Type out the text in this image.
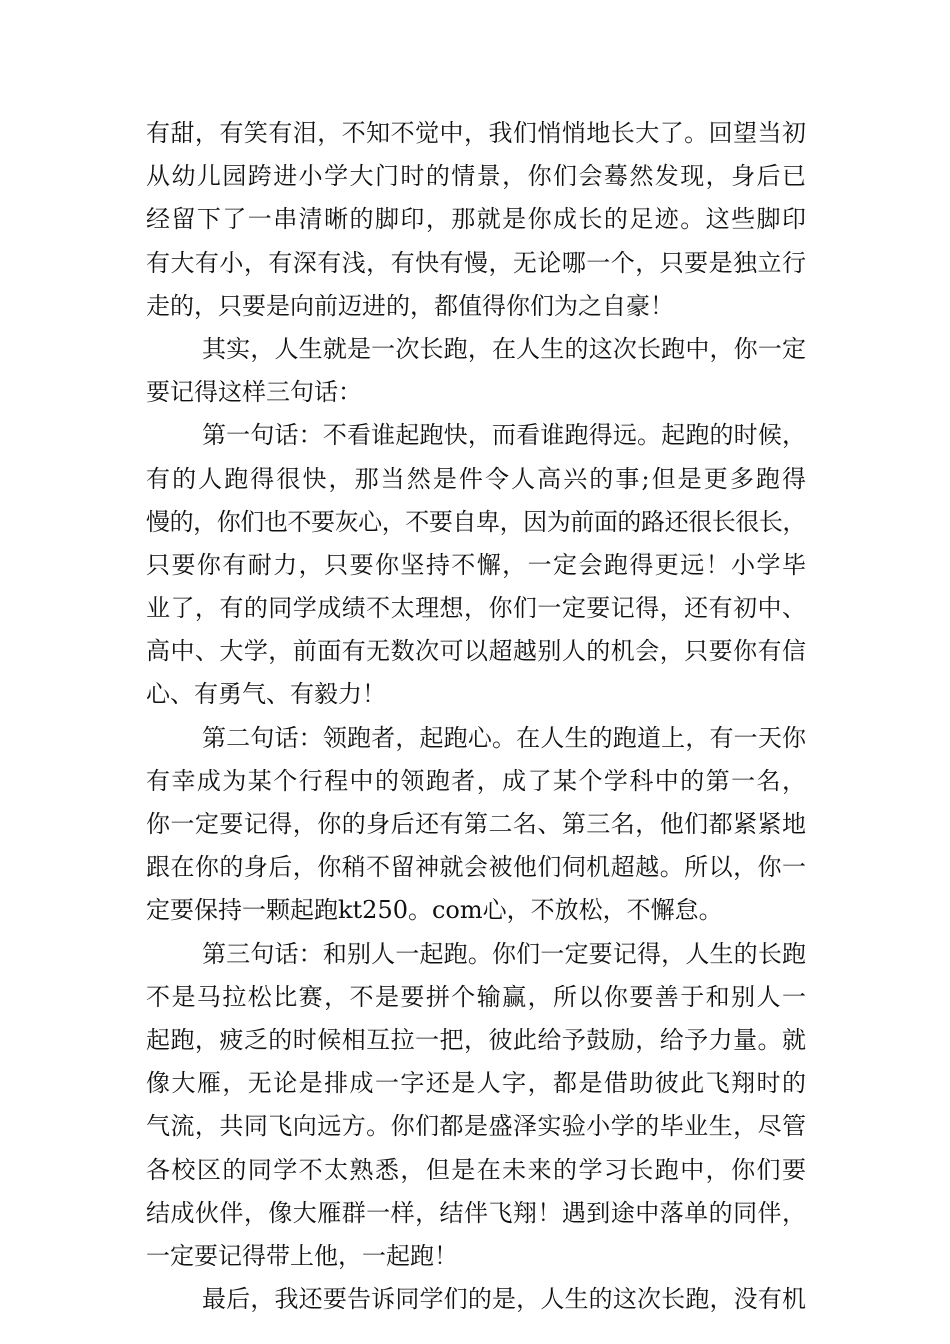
有甜，有笑有泪，不知不觉中，我们悄悄地长大了。回望当初
从幼儿园跨进小学大门时的情景，你们会蓦然发现，身后已
经留下了一串清晰的脚印，那就是你成长的足迹。这些脚印
有大有小，有深有浅，有快有慢，无论哪一个，只要是独立行
走的，只要是向前迈进的，都值得你们为之自豪！
其实，人生就是一次长跑，在人生的这次长跑中，你一定
要记得这样三句话：
第一句话：不看谁起跑快，而看谁跑得远。起跑的时候，
有的人跑得很快，那当然是件令人高兴的事;但是更多跑得
慢的，你们也不要灰心，不要自卑，因为前面的路还很长很长，
只要你有耐力，只要你坚持不懈，一定会跑得更远！小学毕
业了，有的同学成绩不太理想，你们一定要记得，还有初中、
高中、大学，前面有无数次可以超越别人的机会，只要你有信
心、有勇气、有毅力！
第二句话：领跑者，起跑心。在人生的跑道上，有一天你
有幸成为某个行程中的领跑者，成了某个学科中的第一名，
你一定要记得，你的身后还有第二名、第三名，他们都紧紧地
跟在你的身后，你稍不留神就会被他们伺机超越。所以，你一
定要保持一颗起跑kt250。com心，不放松，不懈怠。
第三句话：和别人一起跑。你们一定要记得，人生的长跑
不是马拉松比赛，不是要拼个输赢，所以你要善于和别人一
起跑，疲乏的时候相互拉一把，彼此给予鼓励，给予力量。就
像大雁，无论是排成一字还是人字，都是借助彼此飞翔时的
气流，共同飞向远方。你们都是盛泽实验小学的毕业生，尽管
各校区的同学不太熟悉，但是在未来的学习长跑中，你们要
结成伙伴，像大雁群一样，结伴飞翔！遇到途中落单的同伴，
一定要记得带上他，一起跑！
最后，我还要告诉同学们的是，人生的这次长跑，没有机
